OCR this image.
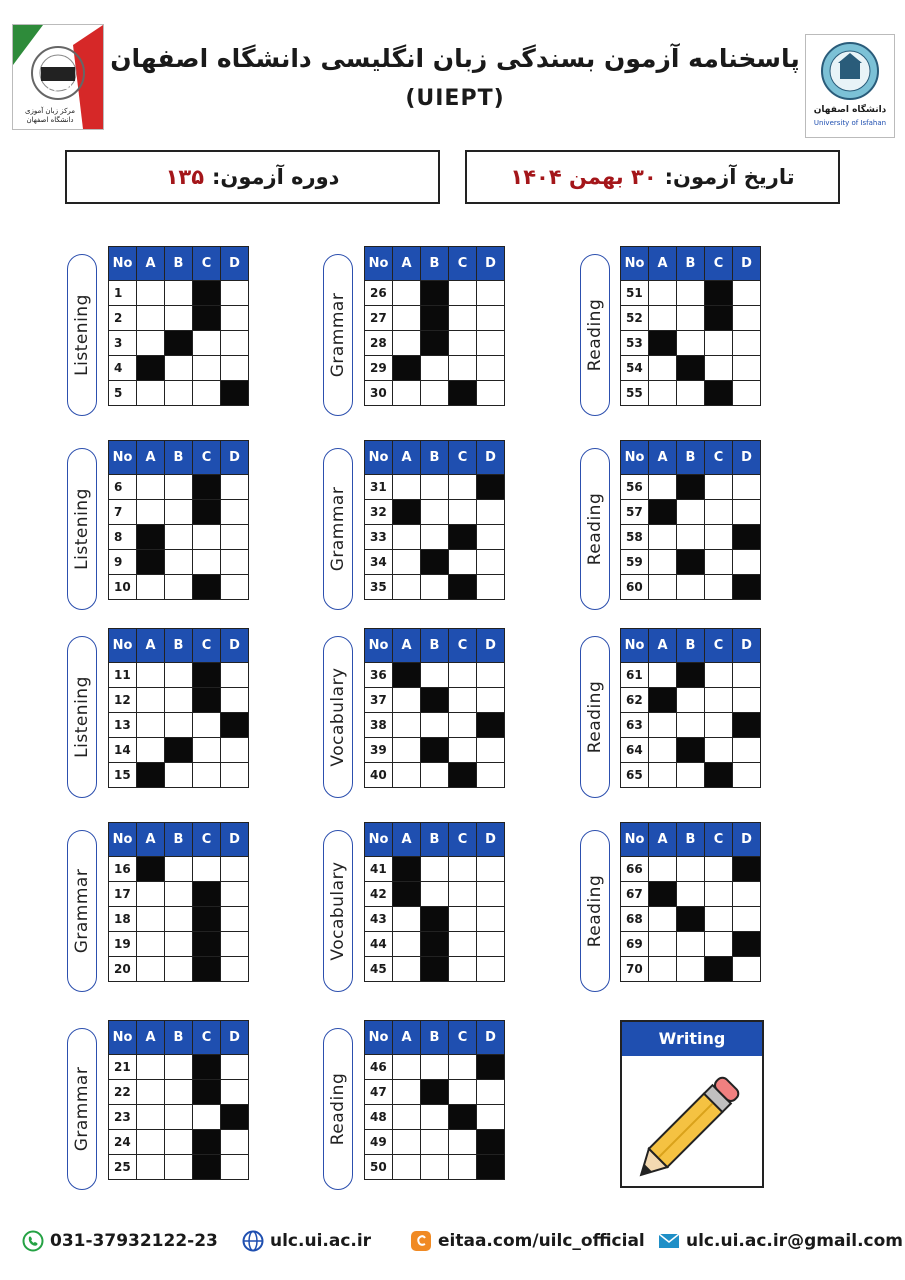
اصفهان
مرکز زبان آموزی دانشگاه اصفهان
پاسخنامه آزمون بسندگی زبان انگلیسی دانشگاه اصفهان
(UIEPT)	دانشگاه اصفهان
University of Isfahan
دوره آزمون:
۱۳۵	تاریخ آزمون:
۳۰ بهمن ۱۴۰۴
Listening
No	A	B	C	D
1				
2				
3				
4				
5				
Grammar
No	A	B	C	D
26				
27				
28				
29				
30				
Reading
No	A	B	C	D
51				
52				
53				
54				
55				
Listening
No	A	B	C	D
6				
7				
8				
9				
10				
Grammar
No	A	B	C	D
31				
32				
33				
34				
35				
Reading
No	A	B	C	D
56				
57				
58				
59				
60				
Listening
No	A	B	C	D
11				
12				
13				
14				
15				
Vocabulary
No	A	B	C	D
36				
37				
38				
39				
40				
Reading
No	A	B	C	D
61				
62				
63				
64				
65				
Grammar
No	A	B	C	D
16				
17				
18				
19				
20				
Vocabulary
No	A	B	C	D
41				
42				
43				
44				
45				
Reading
No	A	B	C	D
66				
67				
68				
69				
70				
Grammar
No	A	B	C	D
21				
22				
23				
24				
25				
Reading
No	A	B	C	D
46				
47				
48				
49				
50				
Writing
031-37932122-23	ulc.ui.ac.ir	eitaa.com/uilc_official ulc.ui.ac.ir@gmail.com
